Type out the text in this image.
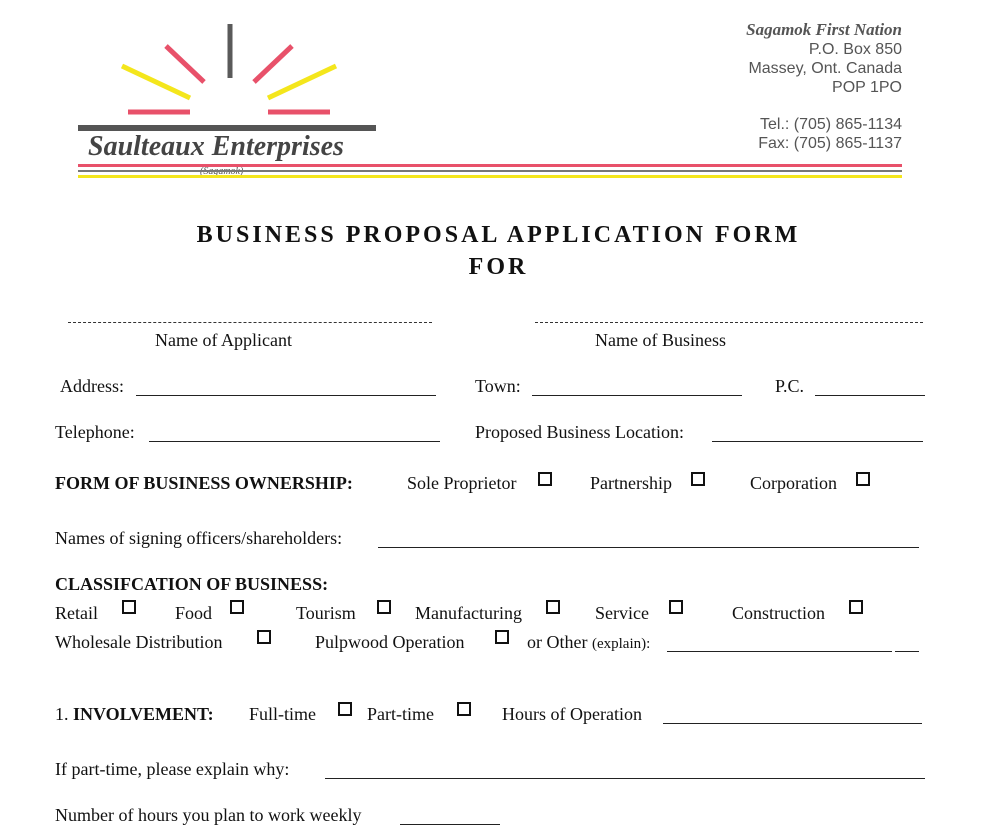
Saulteaux Enterprises
Sagamok First Nation
P.O. Box 850
Massey, Ont. Canada
POP 1PO
Tel.: (705) 865-1134
Fax: (705) 865-1137
BUSINESS PROPOSAL APPLICATION FORM
FOR
Name of Applicant	Name of Business
Address:	Town:	P.C.
Telephone:	Proposed Business Location:
FORM OF BUSINESS OWNERSHIP:	Sole Proprietor	Partnership	Corporation
Names of signing officers/shareholders:
CLASSIFCATION OF BUSINESS:
Retail	Food	Tourism	Manufacturing	Service	Construction
Wholesale Distribution	Pulpwood Operation	or Other (explain):
1. INVOLVEMENT: Full-time	Part-time	Hours of Operation
If part-time, please explain why:
Number of hours you plan to work weekly
